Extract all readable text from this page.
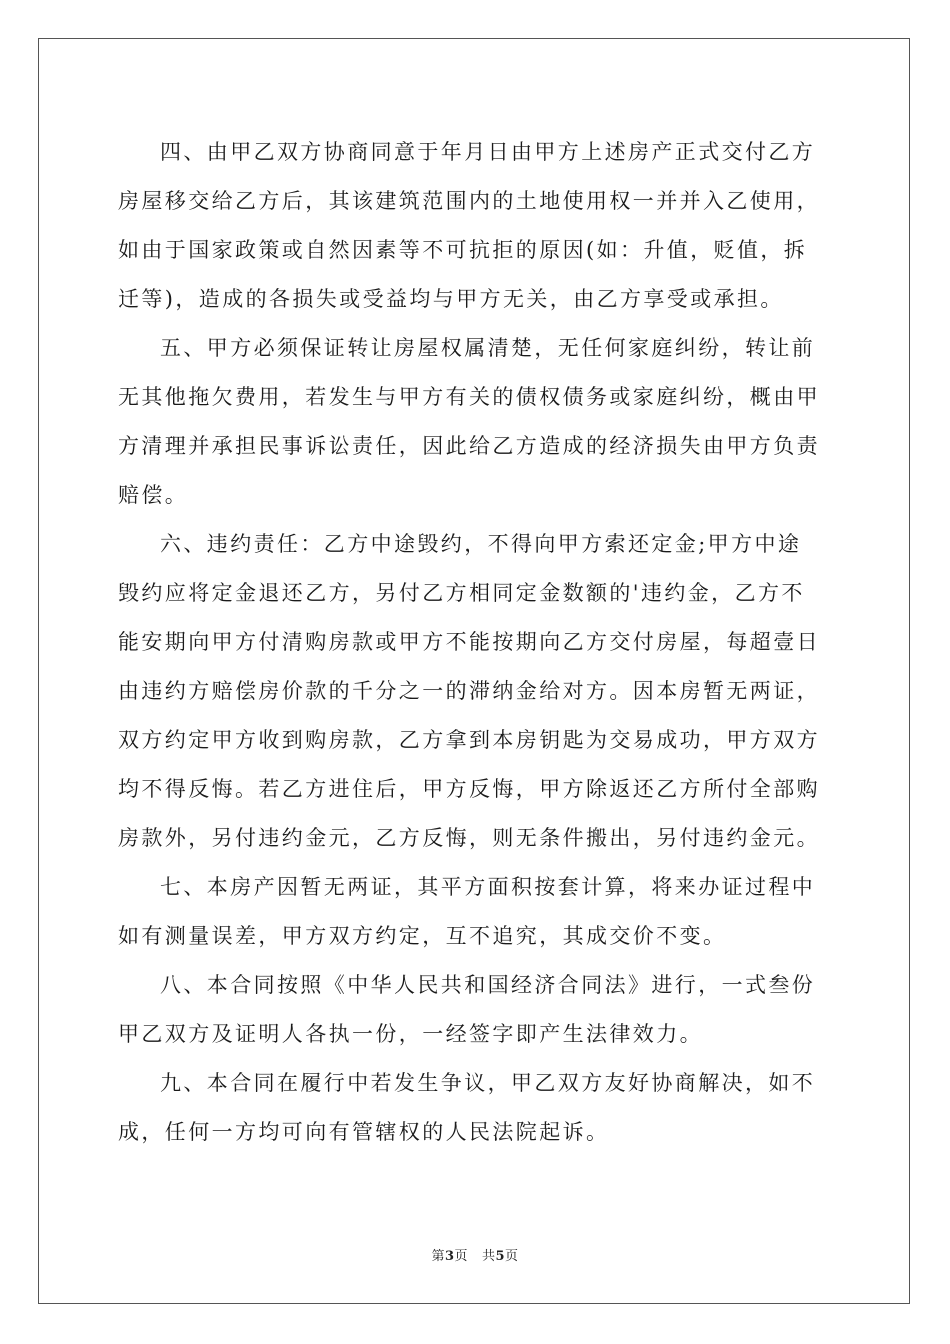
四、由甲乙双方协商同意于年月日由甲方上述房产正式交付乙方
房屋移交给乙方后，其该建筑范围内的土地使用权一并并入乙使用，
如由于国家政策或自然因素等不可抗拒的原因(如：升值，贬值，拆
迁等)，造成的各损失或受益均与甲方无关，由乙方享受或承担。

五、甲方必须保证转让房屋权属清楚，无任何家庭纠纷，转让前
无其他拖欠费用，若发生与甲方有关的债权债务或家庭纠纷，概由甲
方清理并承担民事诉讼责任，因此给乙方造成的经济损失由甲方负责
赔偿。

六、违约责任：乙方中途毁约，不得向甲方索还定金;甲方中途
毁约应将定金退还乙方，另付乙方相同定金数额的'违约金，乙方不
能安期向甲方付清购房款或甲方不能按期向乙方交付房屋，每超壹日
由违约方赔偿房价款的千分之一的滞纳金给对方。因本房暂无两证，
双方约定甲方收到购房款，乙方拿到本房钥匙为交易成功，甲方双方
均不得反悔。若乙方进住后，甲方反悔，甲方除返还乙方所付全部购
房款外，另付违约金元，乙方反悔，则无条件搬出，另付违约金元。

七、本房产因暂无两证，其平方面积按套计算，将来办证过程中
如有测量误差，甲方双方约定，互不追究，其成交价不变。

八、本合同按照《中华人民共和国经济合同法》进行，一式叁份
甲乙双方及证明人各执一份，一经签字即产生法律效力。

九、本合同在履行中若发生争议，甲乙双方友好协商解决，如不
成，任何一方均可向有管辖权的人民法院起诉。

第3页 共5页
